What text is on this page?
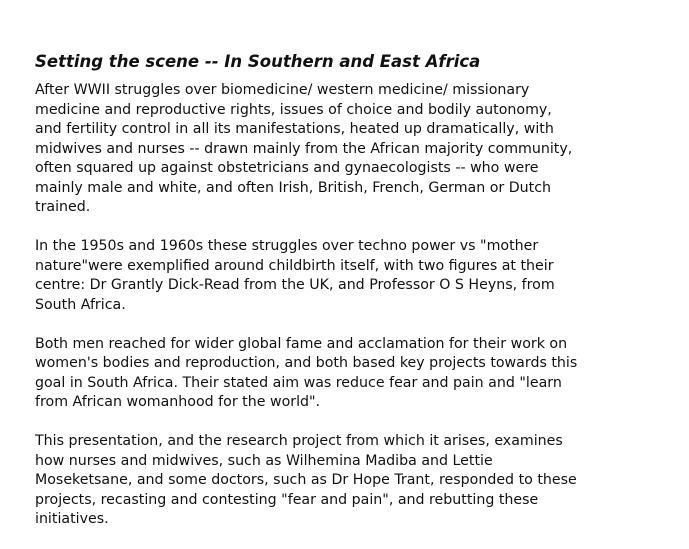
Setting the scene -- In Southern and East Africa

After WWII struggles over biomedicine/ western medicine/ missionary
medicine and reproductive rights, issues of choice and bodily autonomy,
and fertility control in all its manifestations, heated up dramatically, with
midwives and nurses -- drawn mainly from the African majority community,
often squared up against obstetricians and gynaecologists -- who were
mainly male and white, and often Irish, British, French, German or Dutch
trained.

In the 1950s and 1960s these struggles over techno power vs "mother
nature"were exemplified around childbirth itself, with two figures at their
centre: Dr Grantly Dick-Read from the UK, and Professor O S Heyns, from
South Africa.

Both men reached for wider global fame and acclamation for their work on
women's bodies and reproduction, and both based key projects towards this
goal in South Africa. Their stated aim was reduce fear and pain and "learn
from African womanhood for the world".

This presentation, and the research project from which it arises, examines
how nurses and midwives, such as Wilhemina Madiba and Lettie
Moseketsane, and some doctors, such as Dr Hope Trant, responded to these
projects, recasting and contesting "fear and pain", and rebutting these
initiatives.
